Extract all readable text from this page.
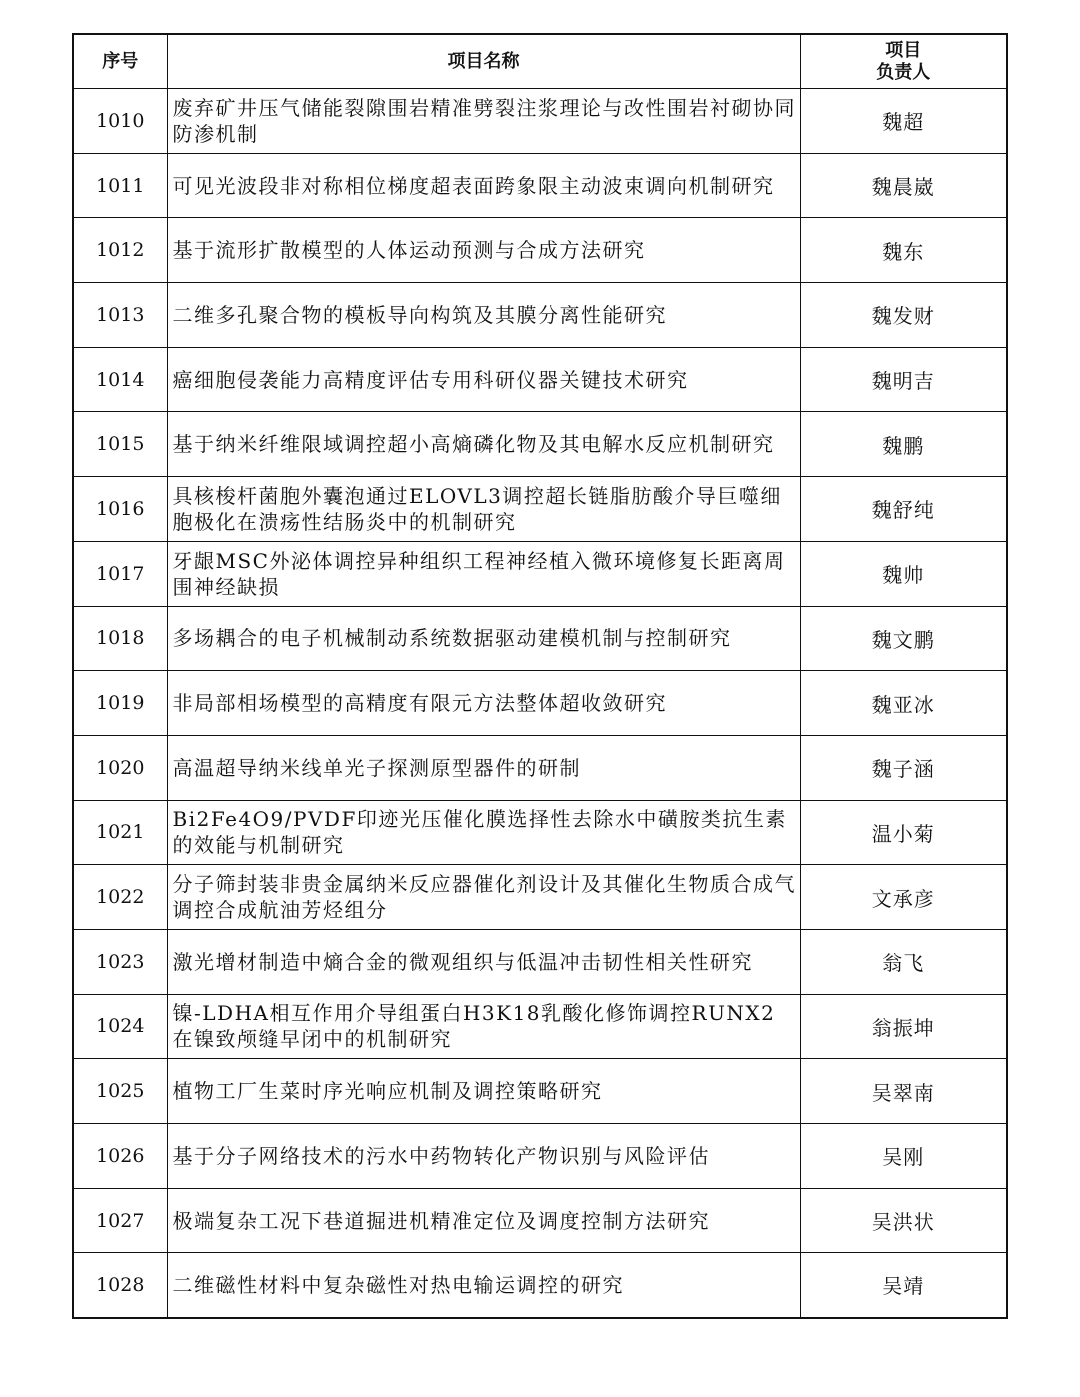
序号	项目名称	项目
负责人

1010	废弃矿井压气储能裂隙围岩精准劈裂注浆理论与改性围岩衬砌协同防渗机制	魏超
1011	可见光波段非对称相位梯度超表面跨象限主动波束调向机制研究	魏晨崴
1012	基于流形扩散模型的人体运动预测与合成方法研究	魏东
1013	二维多孔聚合物的模板导向构筑及其膜分离性能研究	魏发财
1014	癌细胞侵袭能力高精度评估专用科研仪器关键技术研究	魏明吉
1015	基于纳米纤维限域调控超小高熵磷化物及其电解水反应机制研究	魏鹏
1016	具核梭杆菌胞外囊泡通过ELOVL3调控超长链脂肪酸介导巨噬细胞极化在溃疡性结肠炎中的机制研究	魏舒纯
1017	牙龈MSC外泌体调控异种组织工程神经植入微环境修复长距离周围神经缺损	魏帅
1018	多场耦合的电子机械制动系统数据驱动建模机制与控制研究	魏文鹏
1019	非局部相场模型的高精度有限元方法整体超收敛研究	魏亚冰
1020	高温超导纳米线单光子探测原型器件的研制	魏子涵
1021	Bi2Fe4O9/PVDF印迹光压催化膜选择性去除水中磺胺类抗生素的效能与机制研究	温小菊
1022	分子筛封装非贵金属纳米反应器催化剂设计及其催化生物质合成气调控合成航油芳烃组分	文承彦
1023	激光增材制造中熵合金的微观组织与低温冲击韧性相关性研究	翁飞
1024	镍-LDHA相互作用介导组蛋白H3K18乳酸化修饰调控RUNX2在镍致颅缝早闭中的机制研究	翁振坤
1025	植物工厂生菜时序光响应机制及调控策略研究	吴翠南
1026	基于分子网络技术的污水中药物转化产物识别与风险评估	吴刚
1027	极端复杂工况下巷道掘进机精准定位及调度控制方法研究	吴洪状
1028	二维磁性材料中复杂磁性对热电输运调控的研究	吴靖
